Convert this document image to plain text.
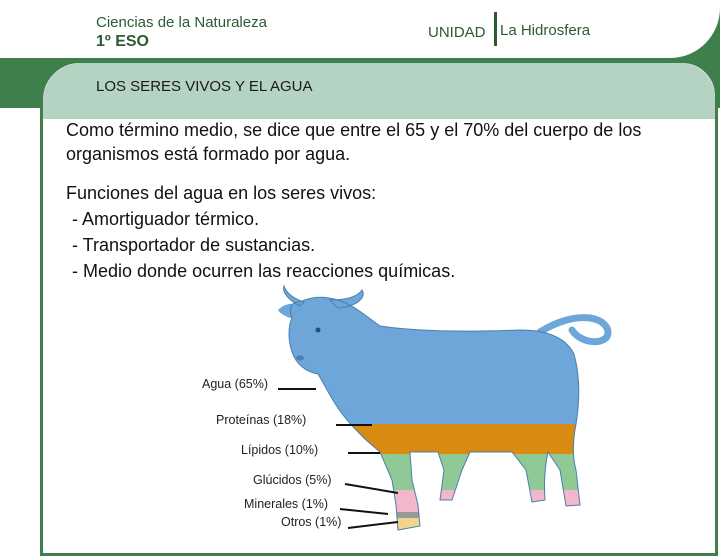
Ciencias de la Naturaleza
1º ESO
UNIDAD La Hidrosfera
LOS SERES VIVOS Y EL AGUA
Como término medio, se dice que entre el 65 y el 70% del cuerpo de los organismos está formado por agua.
Funciones del agua en los seres vivos:
- Amortiguador térmico.
- Transportador de sustancias.
- Medio donde ocurren las reacciones químicas.
Agua (65%)
Proteínas (18%)
Lípidos (10%)
Glúcidos (5%)
Minerales (1%)
Otros (1%)
